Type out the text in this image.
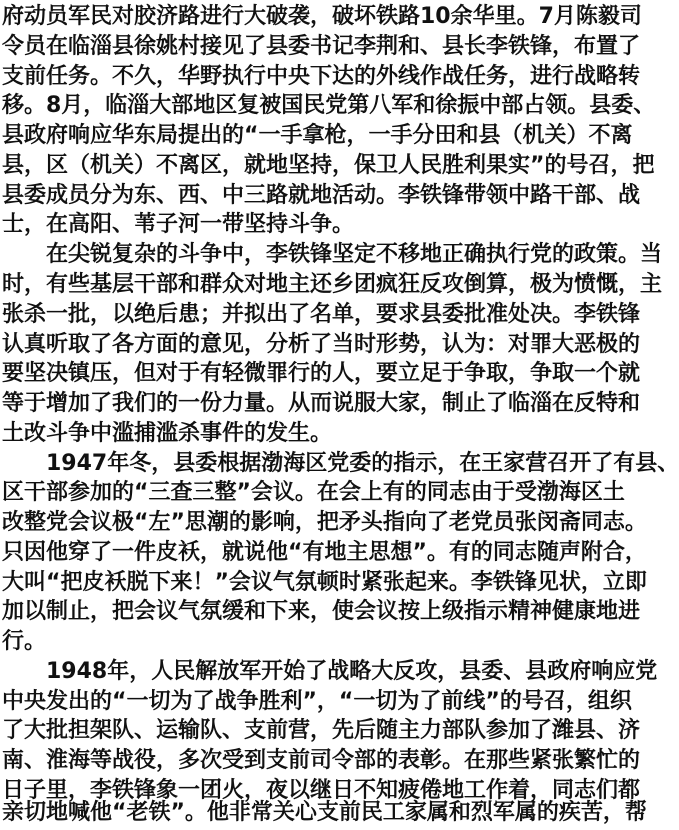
府动员军民对胶济路进行大破袭，破坏铁路10余华里。7月陈毅司
令员在临淄县徐姚村接见了县委书记李荆和、县长李铁锋，布置了
支前任务。不久，华野执行中央下达的外线作战任务，进行战略转
移。8月，临淄大部地区复被国民党第八军和徐振中部占领。县委、
县政府响应华东局提出的“一手拿枪，一手分田和县（机关）不离
县，区（机关）不离区，就地坚持，保卫人民胜利果实”的号召，把
县委成员分为东、西、中三路就地活动。李铁锋带领中路干部、战
士，在高阳、苇子河一带坚持斗争。
在尖锐复杂的斗争中，李铁锋坚定不移地正确执行党的政策。当
时，有些基层干部和群众对地主还乡团疯狂反攻倒算，极为愤慨，主
张杀一批，以绝后患；并拟出了名单，要求县委批准处决。李铁锋
认真听取了各方面的意见，分析了当时形势，认为：对罪大恶极的
要坚决镇压，但对于有轻微罪行的人，要立足于争取，争取一个就
等于增加了我们的一份力量。从而说服大家，制止了临淄在反特和
土改斗争中滥捕滥杀事件的发生。
1947年冬，县委根据渤海区党委的指示，在王家营召开了有县、
区干部参加的“三查三整”会议。在会上有的同志由于受渤海区土
改整党会议极“左”思潮的影响，把矛头指向了老党员张闵斋同志。
只因他穿了一件皮袄，就说他“有地主思想”。有的同志随声附合，
大叫“把皮袄脱下来！”会议气氛顿时紧张起来。李铁锋见状，立即
加以制止，把会议气氛缓和下来，使会议按上级指示精神健康地进
行。
1948年，人民解放军开始了战略大反攻，县委、县政府响应党
中央发出的“一切为了战争胜利”，“一切为了前线”的号召，组织
了大批担架队、运输队、支前营，先后随主力部队参加了潍县、济
南、淮海等战役，多次受到支前司令部的表彰。在那些紧张繁忙的
日子里，李铁锋象一团火，夜以继日不知疲倦地工作着，同志们都
亲切地喊他“老铁”。他非常关心支前民工家属和烈军属的疾苦，帮
